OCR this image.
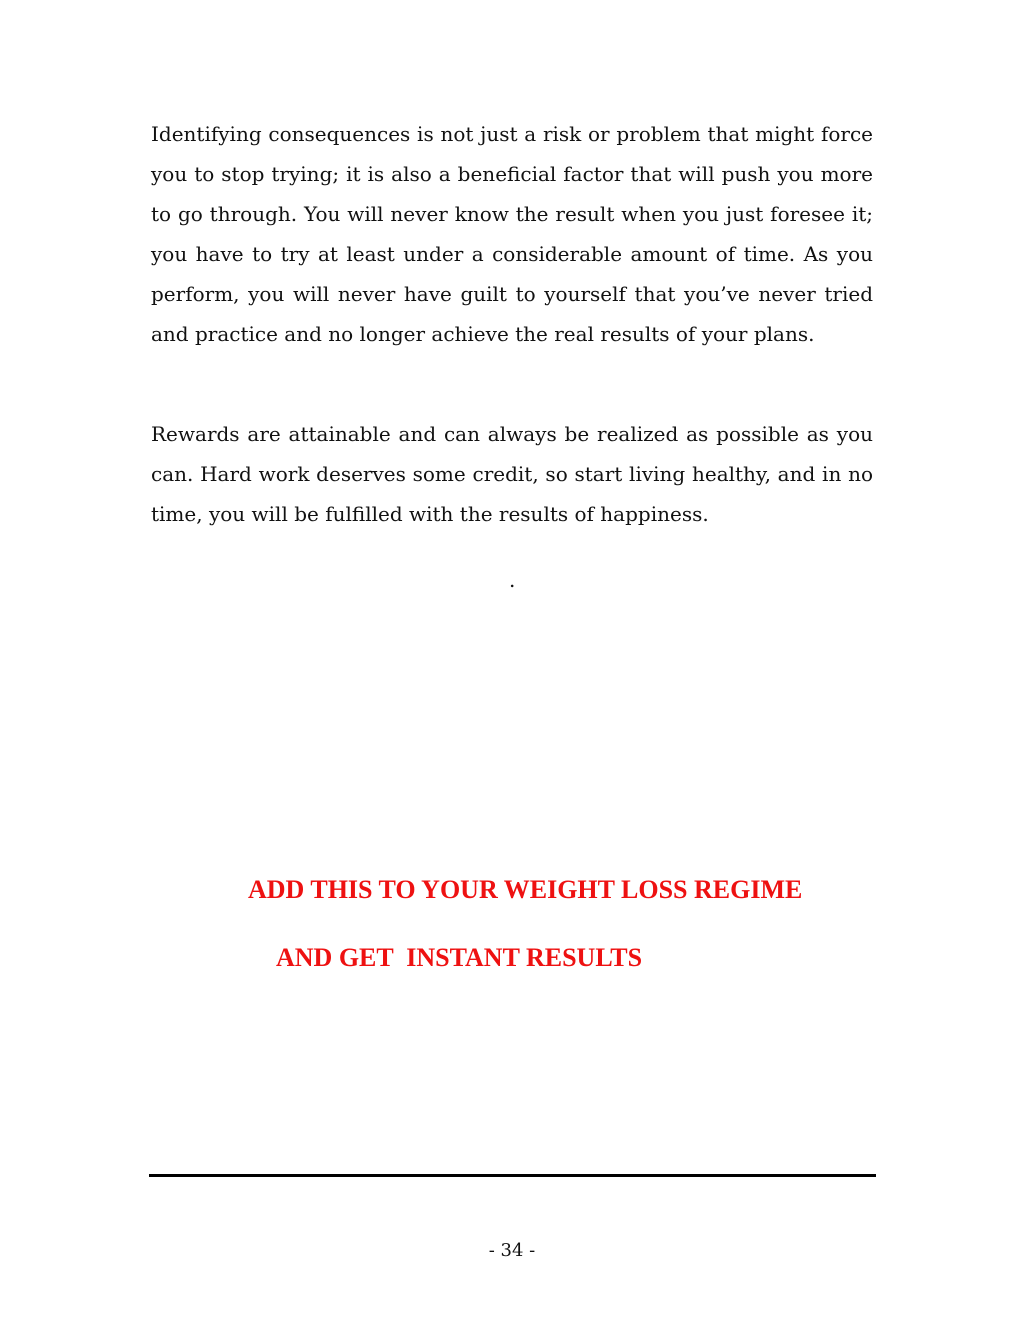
Identifying consequences is not just a risk or problem that might force you to stop trying; it is also a beneficial factor that will push you more to go through. You will never know the result when you just foresee it; you have to try at least under a considerable amount of time. As you perform, you will never have guilt to yourself that you’ve never tried and practice and no longer achieve the real results of your plans.

Rewards are attainable and can always be realized as possible as you can. Hard work deserves some credit, so start living healthy, and in no time, you will be fulfilled with the results of happiness.

.

ADD THIS TO YOUR WEIGHT LOSS REGIME

AND GET  INSTANT RESULTS

- 34 -
